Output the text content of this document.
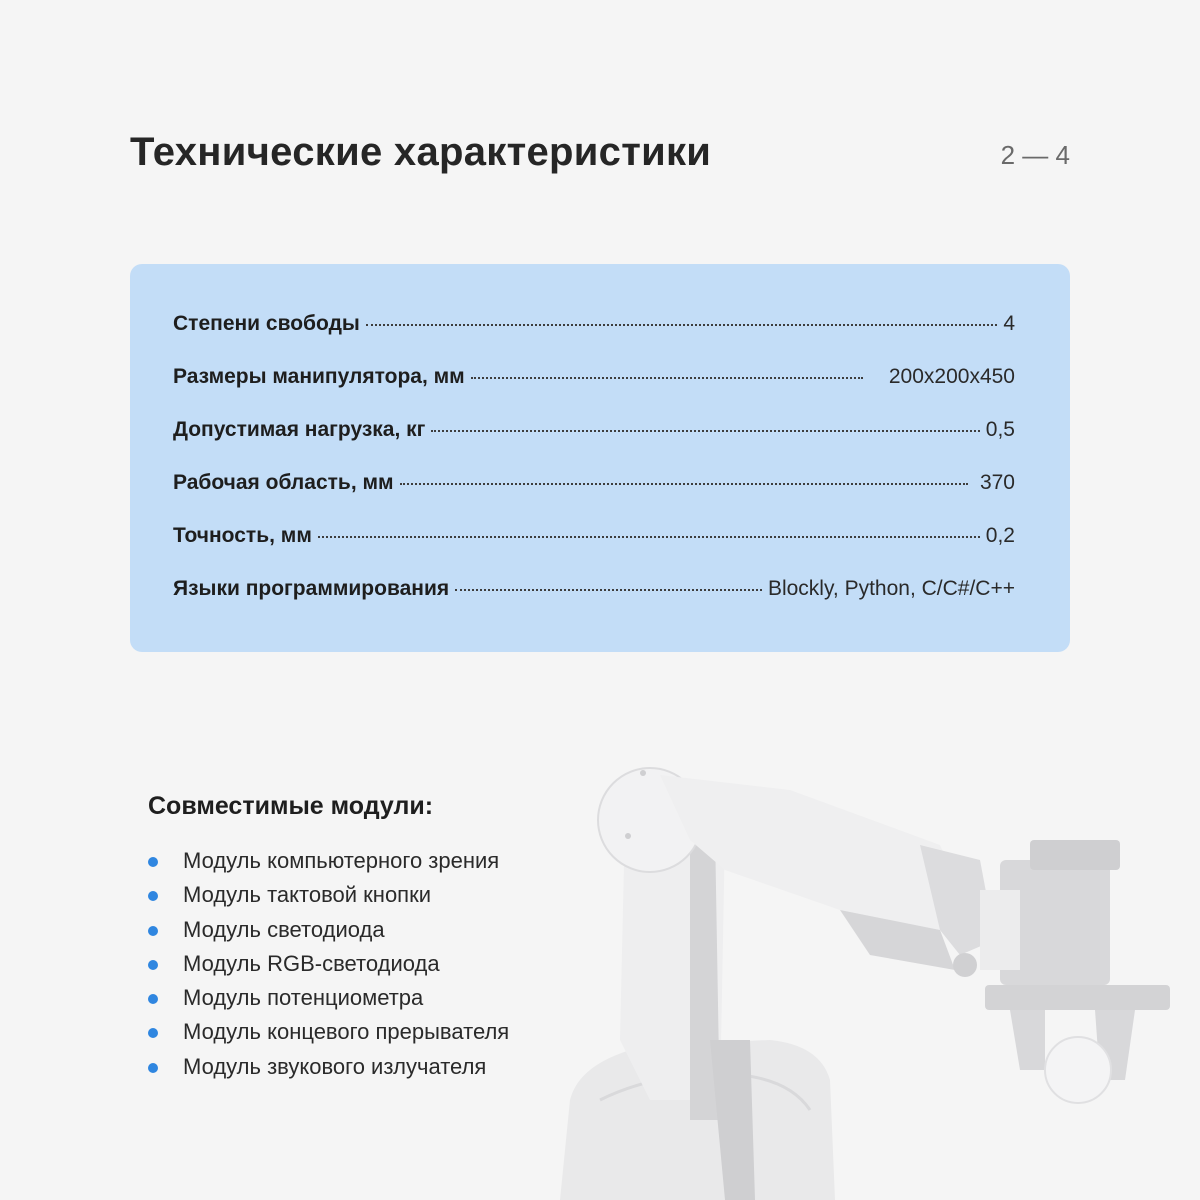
Технические характеристики	2 — 4
Степени свободы	4
Размеры манипулятора, мм	200x200x450
Допустимая нагрузка, кг	0,5
Рабочая область, мм	370
Точность, мм	0,2
Языки программирования	Blockly, Python, C/C#/C++
Совместимые модули:
Модуль компьютерного зрения
Модуль тактовой кнопки
Модуль светодиода
Модуль RGB-светодиода
Модуль потенциометра
Модуль концевого прерывателя
Модуль звукового излучателя
